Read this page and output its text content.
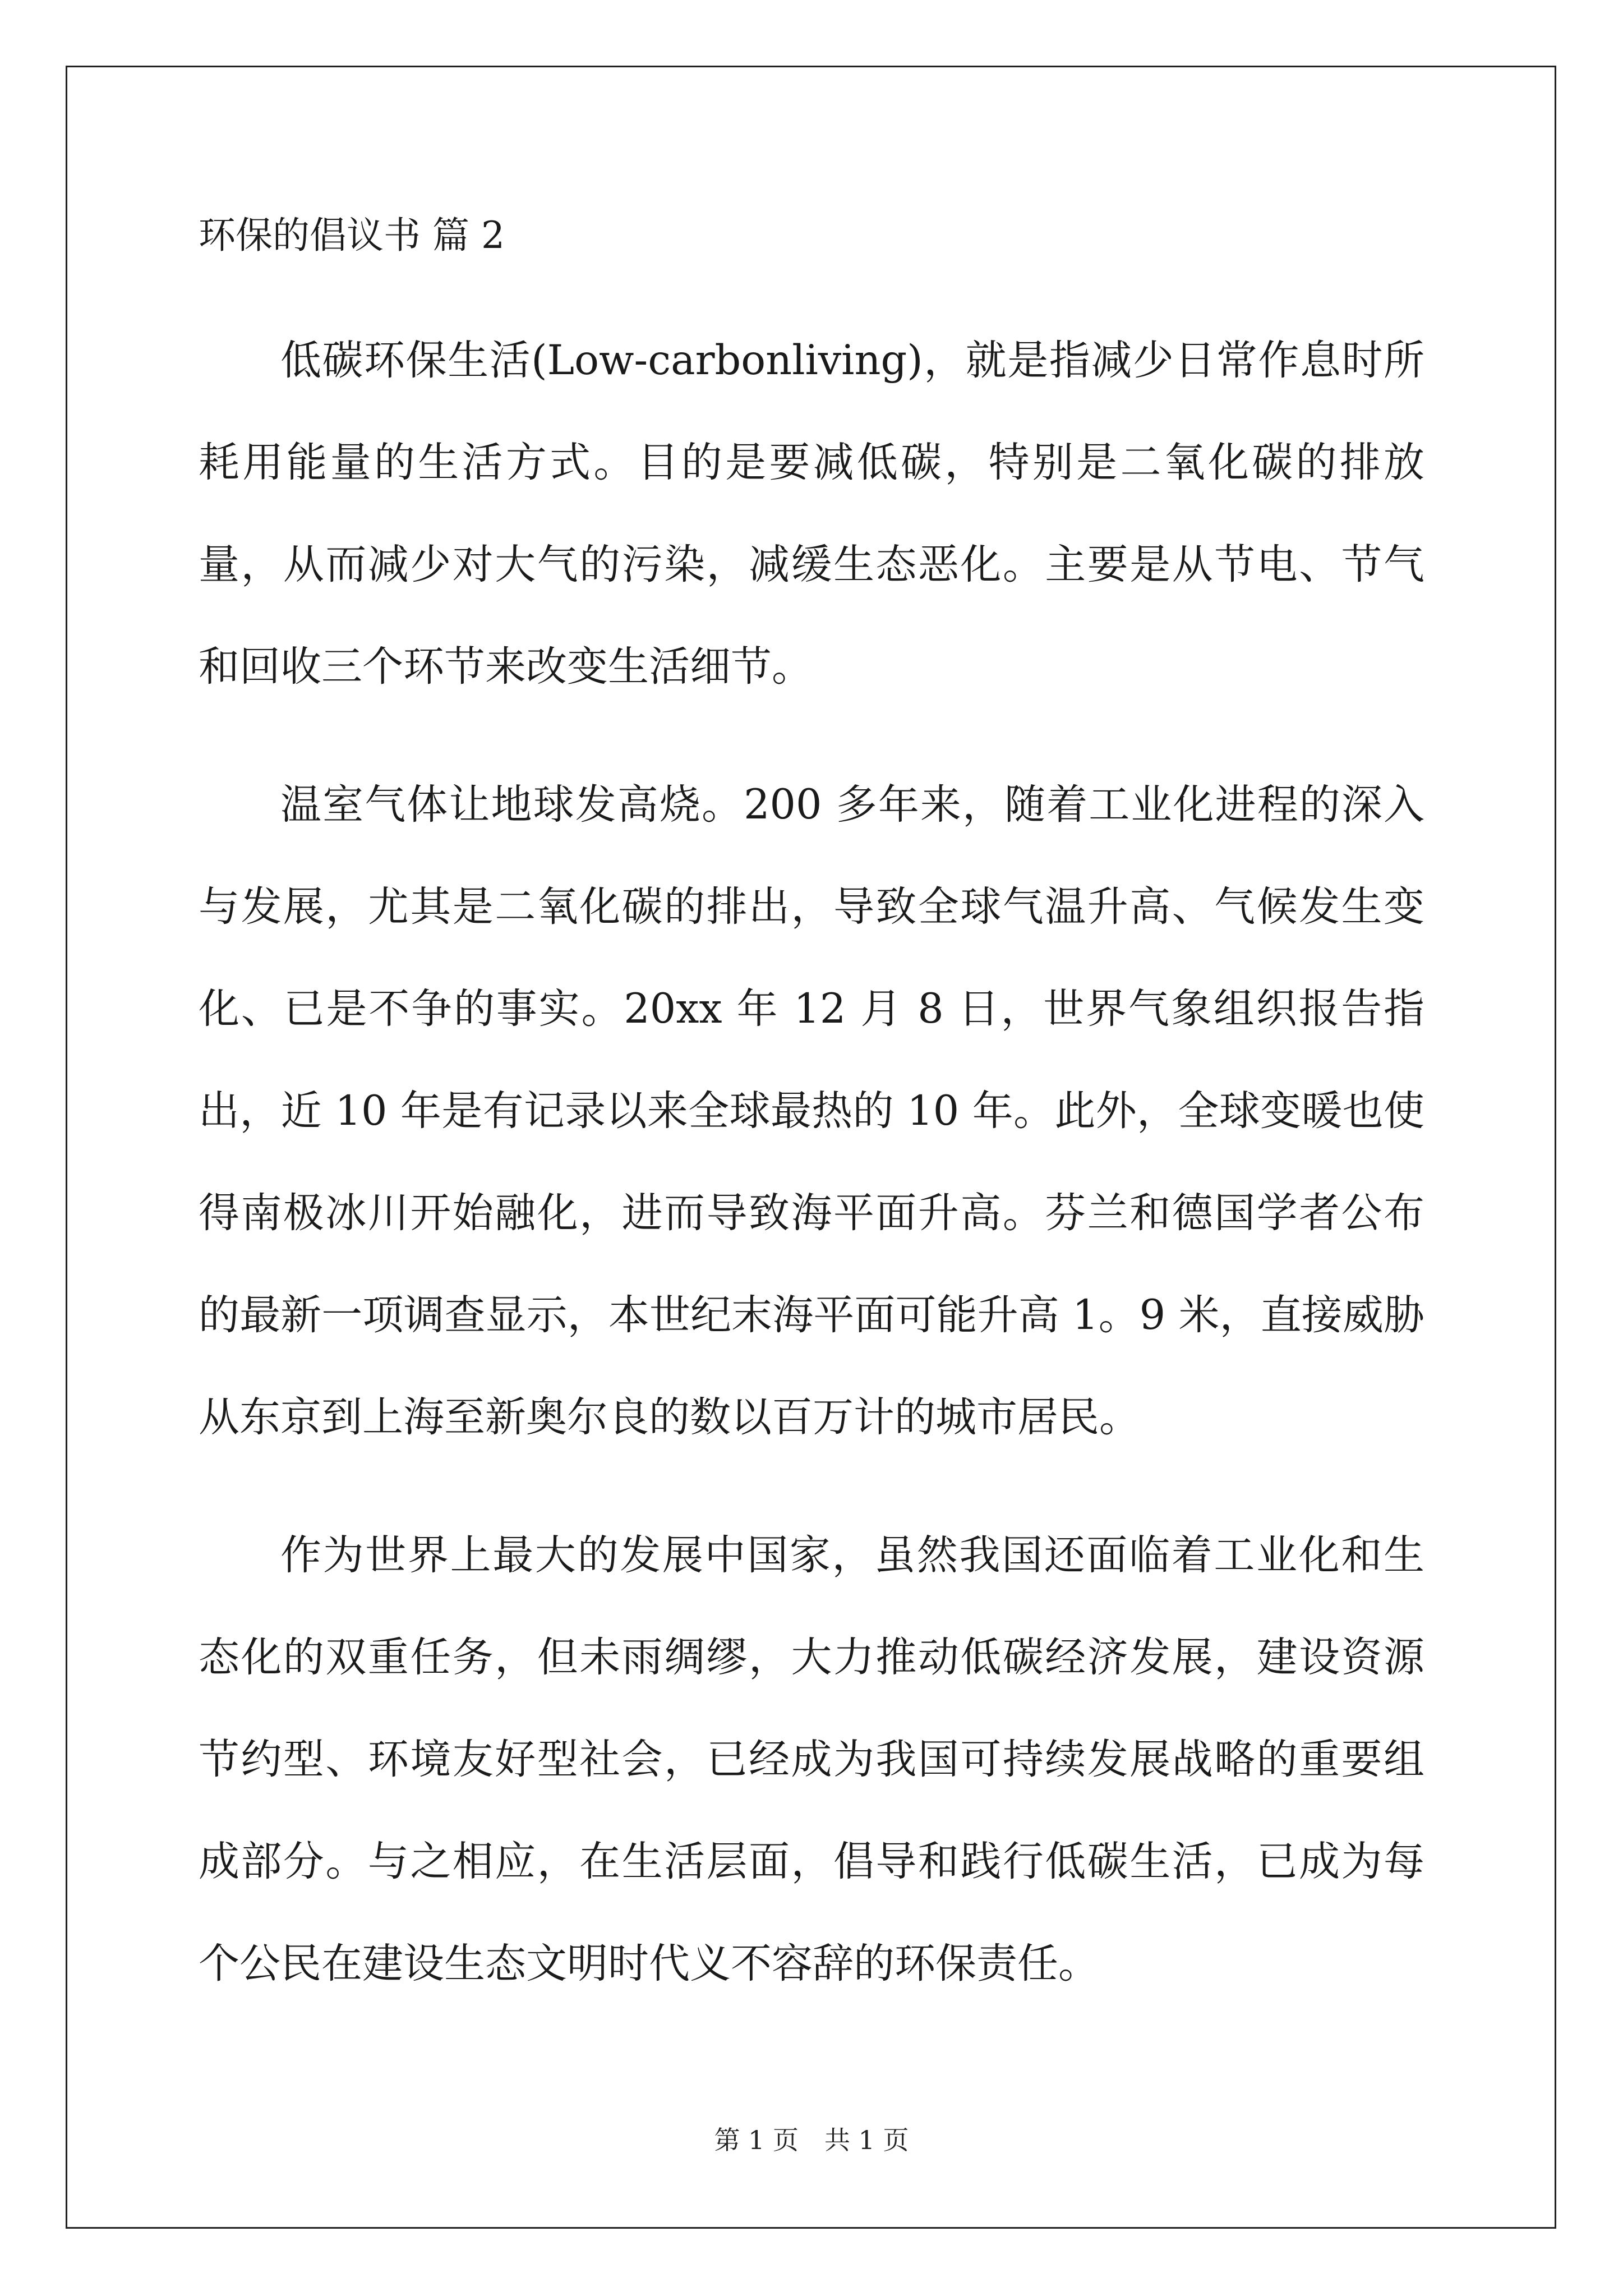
环保的倡议书 篇 2

低碳环保生活(Low-carbonliving)，就是指减少日常作息时所耗用能量的生活方式。目的是要减低碳，特别是二氧化碳的排放量，从而减少对大气的污染，减缓生态恶化。主要是从节电、节气和回收三个环节来改变生活细节。

温室气体让地球发高烧。200 多年来，随着工业化进程的深入与发展，尤其是二氧化碳的排出，导致全球气温升高、气候发生变化、已是不争的事实。20xx 年 12 月 8 日，世界气象组织报告指出，近 10 年是有记录以来全球最热的 10 年。此外，全球变暖也使得南极冰川开始融化，进而导致海平面升高。芬兰和德国学者公布的最新一项调查显示，本世纪末海平面可能升高 1。9 米，直接威胁从东京到上海至新奥尔良的数以百万计的城市居民。

作为世界上最大的发展中国家，虽然我国还面临着工业化和生态化的双重任务，但未雨绸缪，大力推动低碳经济发展，建设资源节约型、环境友好型社会，已经成为我国可持续发展战略的重要组成部分。与之相应，在生活层面，倡导和践行低碳生活，已成为每个公民在建设生态文明时代义不容辞的环保责任。

第 1 页　共 1 页
